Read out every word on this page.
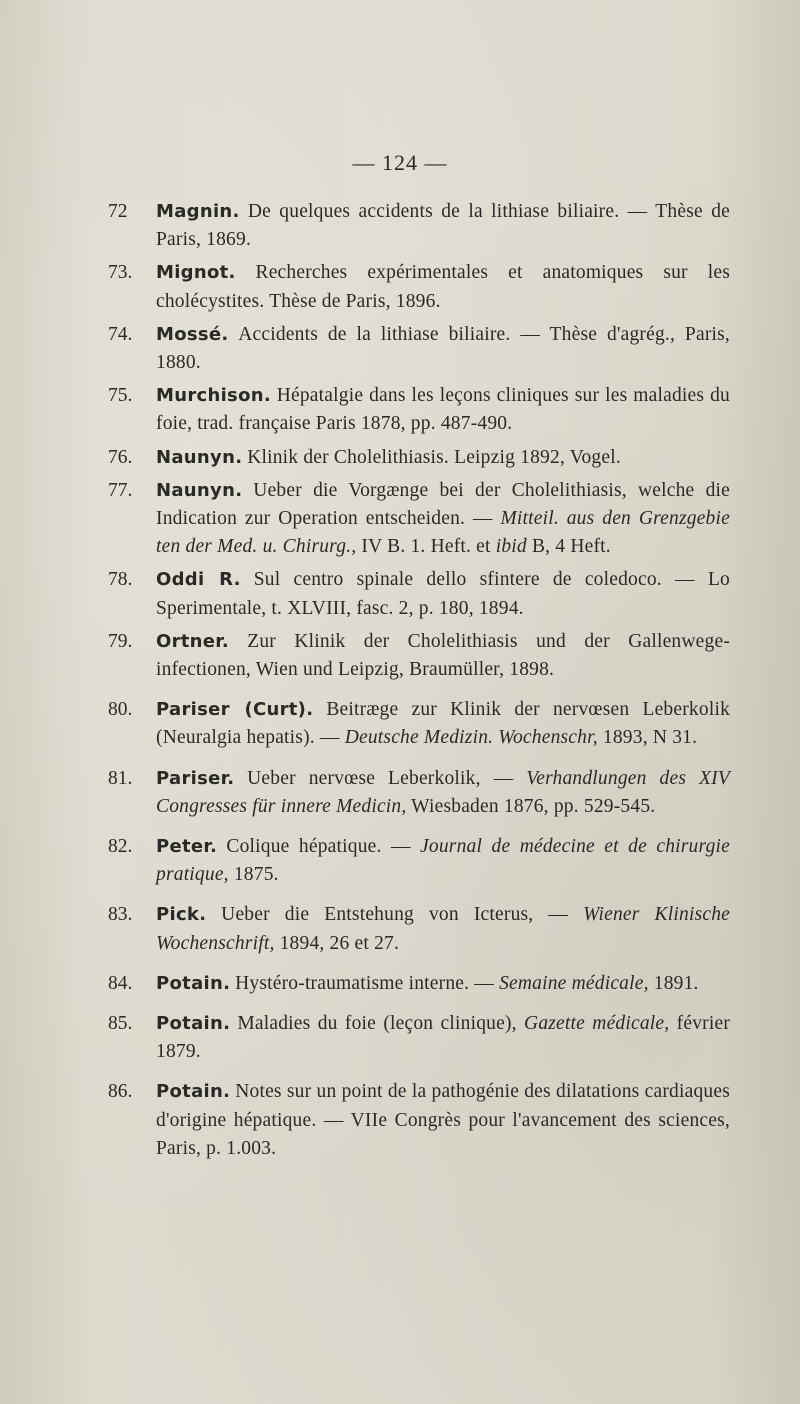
— 124 —
72	Magnin. De quelques accidents de la lithiase biliaire. — Thèse de Paris, 1869.
73.	Mignot. Recherches expérimentales et anatomiques sur les cholécystites. Thèse de Paris, 1896.
74.	Mossé. Accidents de la lithiase biliaire. — Thèse d'agrég., Paris, 1880.
75.	Murchison. Hépatalgie dans les leçons cliniques sur les maladies du foie, trad. française Paris 1878, pp. 487-490.
76.	Naunyn. Klinik der Cholelithiasis. Leipzig 1892, Vogel.
77.	Naunyn. Ueber die Vorgænge bei der Cholelithiasis, welche die Indication zur Operation entscheiden. — Mitteil. aus den Grenzgebie ten der Med. u. Chirurg., IV B. 1. Heft. et ibid B, 4 Heft.
78.	Oddi R. Sul centro spinale dello sfintere de coledoco. — Lo Sperimentale, t. XLVIII, fasc. 2, p. 180, 1894.
79.	Ortner. Zur Klinik der Cholelithiasis und der Gallenwege-infectionen, Wien und Leipzig, Braumüller, 1898.
80.	Pariser (Curt). Beitræge zur Klinik der nervœsen Leberkolik (Neuralgia hepatis). — Deutsche Medizin. Wochenschr, 1893, N 31.
81.	Pariser. Ueber nervœse Leberkolik, — Verhandlungen des XIV Congresses für innere Medicin, Wiesbaden 1876, pp. 529-545.
82.	Peter. Colique hépatique. — Journal de médecine et de chirurgie pratique, 1875.
83.	Pick. Ueber die Entstehung von Icterus, — Wiener Klinische Wochenschrift, 1894, 26 et 27.
84.	Potain. Hystéro-traumatisme interne. — Semaine médicale, 1891.
85.	Potain. Maladies du foie (leçon clinique), Gazette médicale, février 1879.
86.	Potain. Notes sur un point de la pathogénie des dilatations cardiaques d'origine hépatique. — VIIe Congrès pour l'avancement des sciences, Paris, p. 1.003.
